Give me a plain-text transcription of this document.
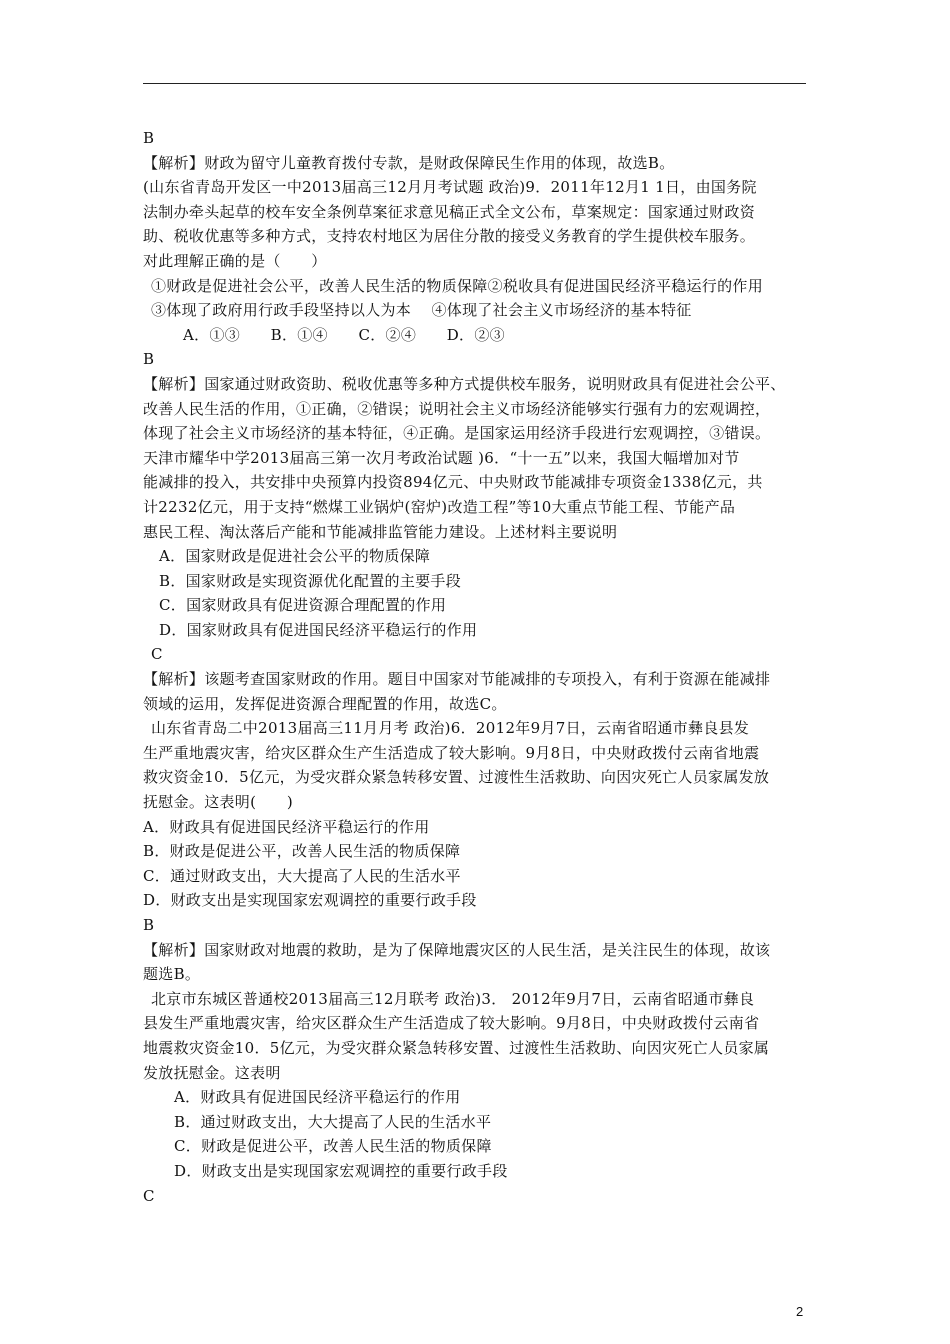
B
【解析】财政为留守儿童教育拨付专款，是财政保障民生作用的体现，故选B。
(山东省青岛开发区一中2013届高三12月月考试题 政治)9．2011年12月1 1日，由国务院
法制办牵头起草的校车安全条例草案征求意见稿正式全文公布，草案规定：国家通过财政资
助、税收优惠等多种方式，支持农村地区为居住分散的接受义务教育的学生提供校车服务。
对此理解正确的是（　　）
①财政是促进社会公平，改善人民生活的物质保障②税收具有促进国民经济平稳运行的作用
③体现了政府用行政手段坚持以人为本　 ④体现了社会主义市场经济的基本特征
A．①③　　B．①④　　C．②④　　D．②③
B
【解析】国家通过财政资助、税收优惠等多种方式提供校车服务，说明财政具有促进社会公平、
改善人民生活的作用，①正确，②错误；说明社会主义市场经济能够实行强有力的宏观调控，
体现了社会主义市场经济的基本特征，④正确。是国家运用经济手段进行宏观调控，③错误。
天津市耀华中学2013届高三第一次月考政治试题 )6．“十一五”以来，我国大幅增加对节
能减排的投入，共安排中央预算内投资894亿元、中央财政节能减排专项资金1338亿元，共
计2232亿元，用于支持“燃煤工业锅炉(窑炉)改造工程”等10大重点节能工程、节能产品
惠民工程、淘汰落后产能和节能减排监管能力建设。上述材料主要说明
A．国家财政是促进社会公平的物质保障
B．国家财政是实现资源优化配置的主要手段
C．国家财政具有促进资源合理配置的作用
D．国家财政具有促进国民经济平稳运行的作用
C
【解析】该题考查国家财政的作用。题目中国家对节能减排的专项投入，有利于资源在能减排
领域的运用，发挥促进资源合理配置的作用，故选C。
山东省青岛二中2013届高三11月月考 政治)6．2012年9月7日，云南省昭通市彝良县发
生严重地震灾害，给灾区群众生产生活造成了较大影响。9月8日，中央财政拨付云南省地震
救灾资金10．5亿元，为受灾群众紧急转移安置、过渡性生活救助、向因灾死亡人员家属发放
抚慰金。这表明(　　)
A．财政具有促进国民经济平稳运行的作用
B．财政是促进公平，改善人民生活的物质保障
C．通过财政支出，大大提高了人民的生活水平
D．财政支出是实现国家宏观调控的重要行政手段
B
【解析】国家财政对地震的救助，是为了保障地震灾区的人民生活，是关注民生的体现，故该
题选B。
北京市东城区普通校2013届高三12月联考 政治)3． 2012年9月7日，云南省昭通市彝良
县发生严重地震灾害，给灾区群众生产生活造成了较大影响。9月8日，中央财政拨付云南省
地震救灾资金10．5亿元，为受灾群众紧急转移安置、过渡性生活救助、向因灾死亡人员家属
发放抚慰金。这表明
A．财政具有促进国民经济平稳运行的作用
B．通过财政支出，大大提高了人民的生活水平
C．财政是促进公平，改善人民生活的物质保障
D．财政支出是实现国家宏观调控的重要行政手段
C
2
